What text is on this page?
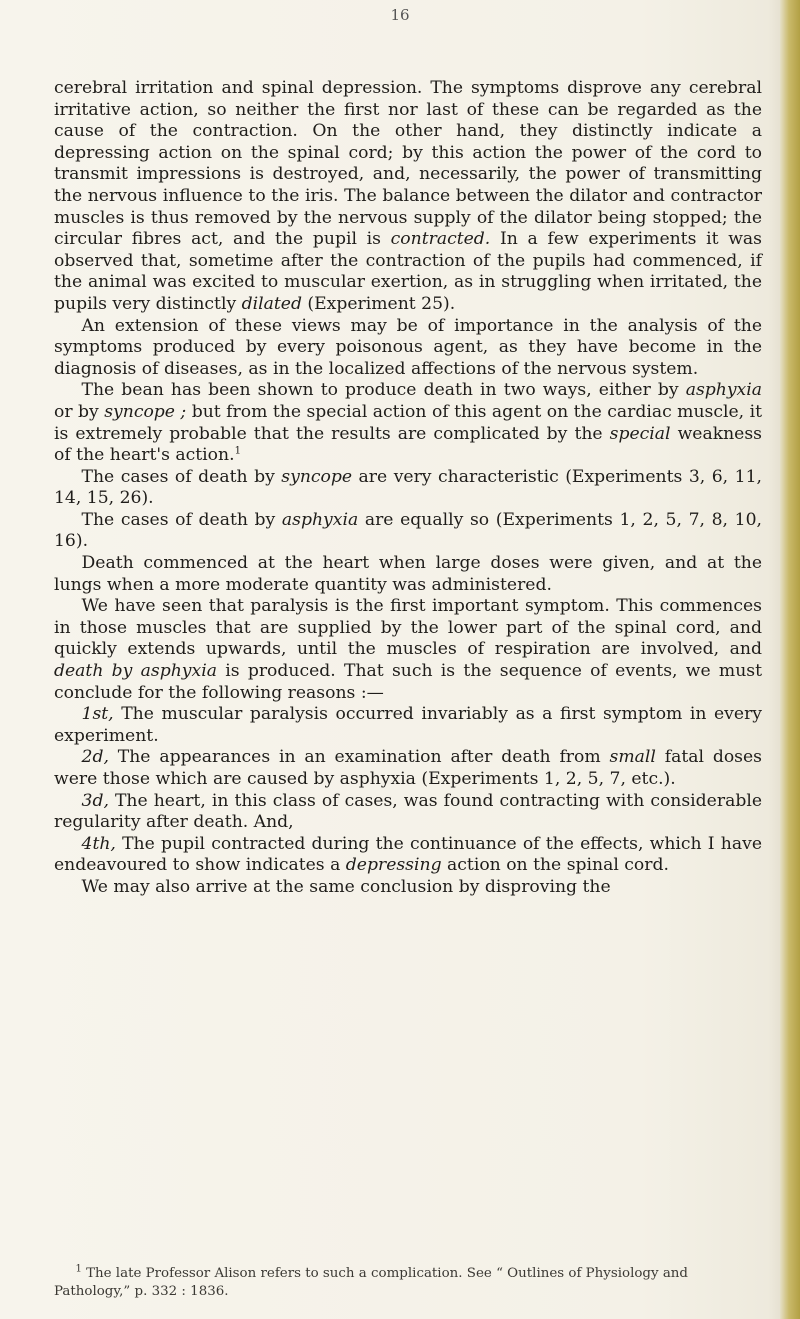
16

cerebral irritation and spinal depression. The symptoms disprove any cerebral irritative action, so neither the first nor last of these can be regarded as the cause of the contraction. On the other hand, they distinctly indicate a depressing action on the spinal cord; by this action the power of the cord to transmit impressions is destroyed, and, necessarily, the power of transmitting the nervous influence to the iris. The balance between the dilator and contractor muscles is thus removed by the nervous supply of the dilator being stopped; the circular fibres act, and the pupil is contracted. In a few experiments it was observed that, sometime after the contraction of the pupils had commenced, if the animal was excited to muscular exertion, as in struggling when irritated, the pupils very distinctly dilated (Experiment 25).

An extension of these views may be of importance in the analysis of the symptoms produced by every poisonous agent, as they have become in the diagnosis of diseases, as in the localized affections of the nervous system.

The bean has been shown to produce death in two ways, either by asphyxia or by syncope ; but from the special action of this agent on the cardiac muscle, it is extremely probable that the results are complicated by the special weakness of the heart's action.$^1$

The cases of death by syncope are very characteristic (Experiments 3, 6, 11, 14, 15, 26).

The cases of death by asphyxia are equally so (Experiments 1, 2, 5, 7, 8, 10, 16).

Death commenced at the heart when large doses were given, and at the lungs when a more moderate quantity was administered.

We have seen that paralysis is the first important symptom. This commences in those muscles that are supplied by the lower part of the spinal cord, and quickly extends upwards, until the muscles of respiration are involved, and death by asphyxia is produced. That such is the sequence of events, we must conclude for the following reasons :—

1st, The muscular paralysis occurred invariably as a first symptom in every experiment.

2d, The appearances in an examination after death from small fatal doses were those which are caused by asphyxia (Experiments 1, 2, 5, 7, etc.).

3d, The heart, in this class of cases, was found contracting with considerable regularity after death. And,

4th, The pupil contracted during the continuance of the effects, which I have endeavoured to show indicates a depressing action on the spinal cord.

We may also arrive at the same conclusion by disproving the

$^1$ The late Professor Alison refers to such a complication. See “ Outlines of Physiology and Pathology,” p. 332 : 1836.
